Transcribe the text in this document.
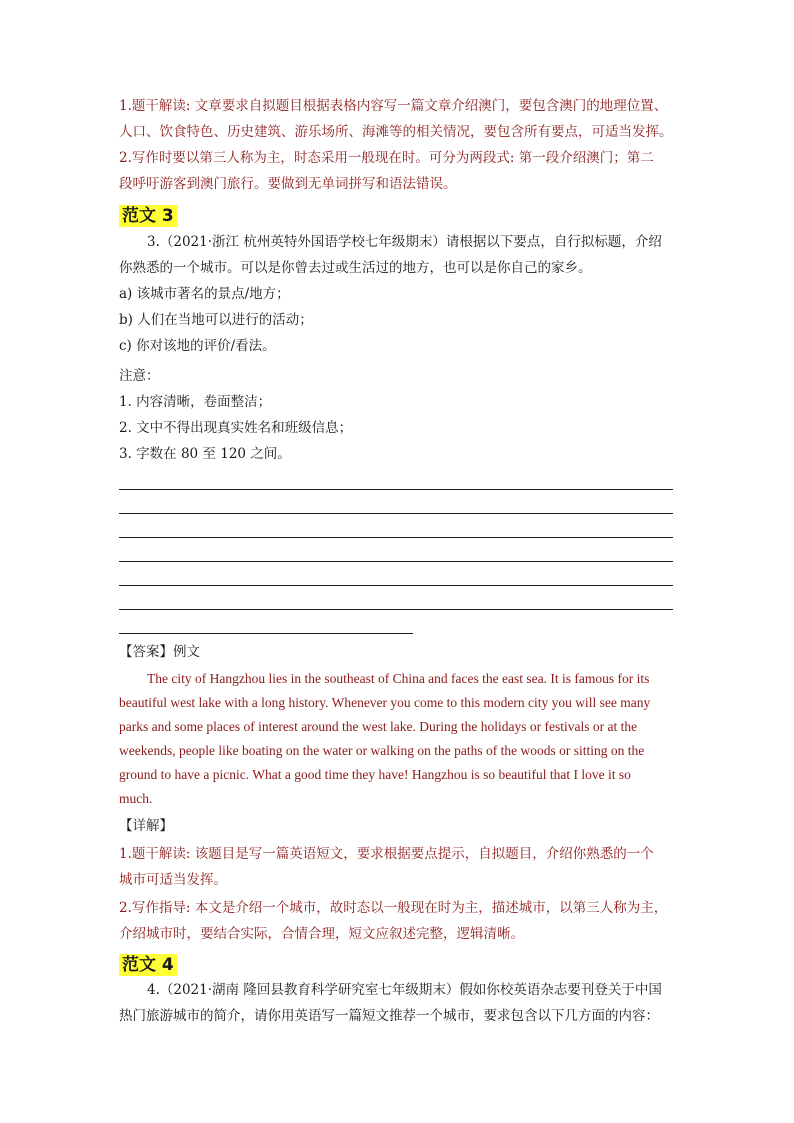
1.题干解读: 文章要求自拟题目根据表格内容写一篇文章介绍澳门，要包含澳门的地理位置、
人口、饮食特色、历史建筑、游乐场所、海滩等的相关情况，要包含所有要点，可适当发挥。
2.写作时要以第三人称为主，时态采用一般现在时。可分为两段式: 第一段介绍澳门；第二
段呼吁游客到澳门旅行。要做到无单词拼写和语法错误。
范文 3
3.（2021·浙江 杭州英特外国语学校七年级期末）请根据以下要点，自行拟标题，介绍
你熟悉的一个城市。可以是你曾去过或生活过的地方，也可以是你自己的家乡。
a) 该城市著名的景点/地方；
b) 人们在当地可以进行的活动；
c) 你对该地的评价/看法。
注意：
1. 内容清晰，卷面整洁；
2. 文中不得出现真实姓名和班级信息；
3. 字数在 80 至 120 之间。
【答案】例文
The city of Hangzhou lies in the southeast of China and faces the east sea. It is famous for its
beautiful west lake with a long history. Whenever you come to this modern city you will see many
parks and some places of interest around the west lake. During the holidays or festivals or at the
weekends, people like boating on the water or walking on the paths of the woods or sitting on the
ground to have a picnic. What a good time they have! Hangzhou is so beautiful that I love it so
much.
【详解】
1.题干解读: 该题目是写一篇英语短文，要求根据要点提示，自拟题目，介绍你熟悉的一个
城市可适当发挥。
2.写作指导: 本文是介绍一个城市，故时态以一般现在时为主，描述城市，以第三人称为主，
介绍城市时，要结合实际，合情合理，短文应叙述完整，逻辑清晰。
范文 4
4.（2021·湖南 隆回县教育科学研究室七年级期末）假如你校英语杂志要刊登关于中国
热门旅游城市的简介，请你用英语写一篇短文推荐一个城市，要求包含以下几方面的内容：
